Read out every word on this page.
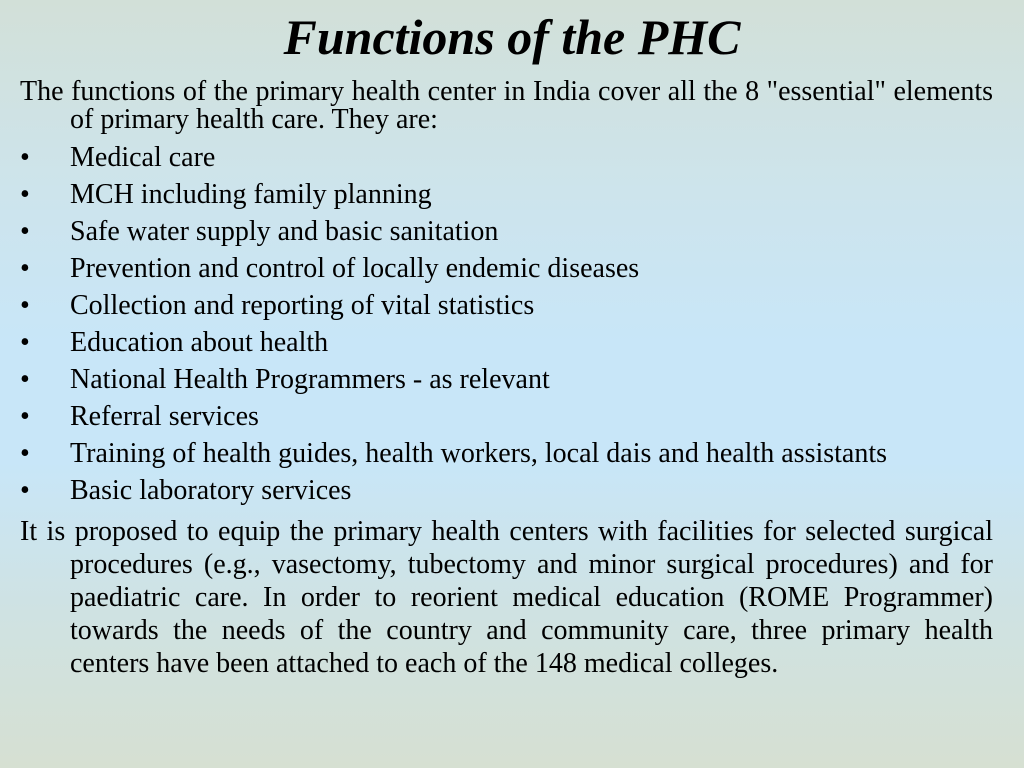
Functions of the PHC

The functions of the primary health center in India cover all the 8 "essential" elements of primary health care. They are:

•	Medical care
•	MCH including family planning
•	Safe water supply and basic sanitation
•	Prevention and control of locally endemic diseases
•	Collection and reporting of vital statistics
•	Education about health
•	National Health Programmers - as relevant
•	Referral services
•	Training of health guides, health workers, local dais and health assistants
•	Basic laboratory services

It is proposed to equip the primary health centers with facilities for selected surgical procedures (e.g., vasectomy, tubectomy and minor surgical procedures) and for paediatric care. In order to reorient medical education (ROME Programmer) towards the needs of the country and community care, three primary health centers have been attached to each of the 148 medical colleges.
